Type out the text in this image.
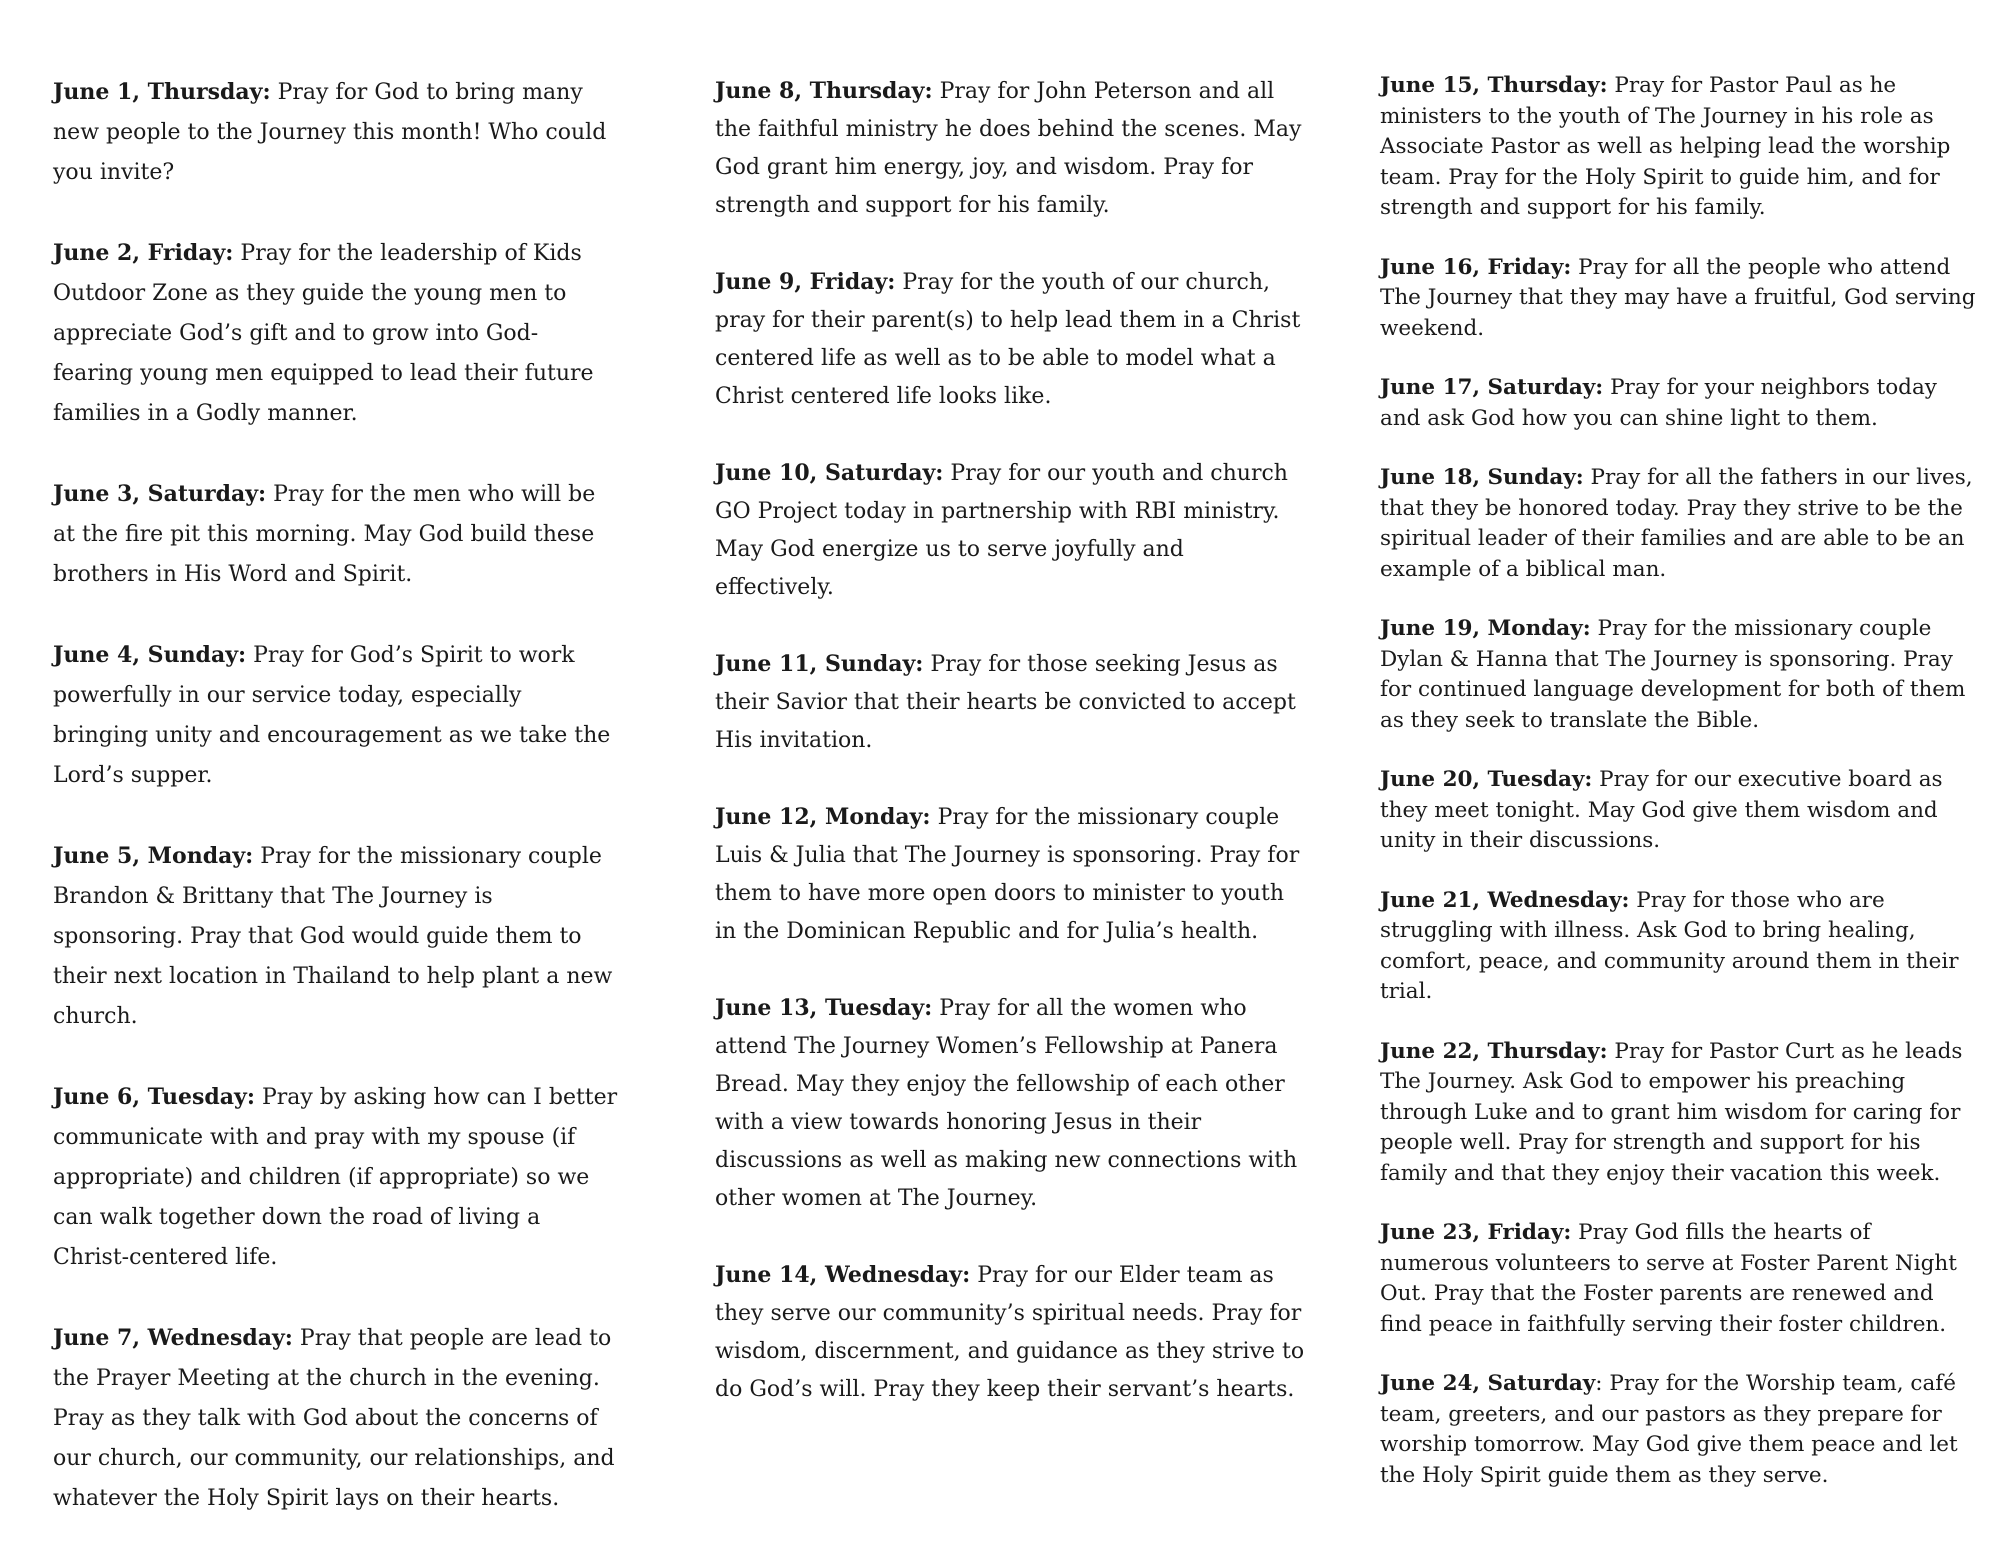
June 1, Thursday: Pray for God to bring many new people to the Journey this month! Who could you invite?

June 2, Friday: Pray for the leadership of Kids Outdoor Zone as they guide the young men to appreciate God’s gift and to grow into God-fearing young men equipped to lead their future families in a Godly manner.

June 3, Saturday: Pray for the men who will be at the fire pit this morning. May God build these brothers in His Word and Spirit.

June 4, Sunday: Pray for God’s Spirit to work powerfully in our service today, especially bringing unity and encouragement as we take the Lord’s supper.

June 5, Monday: Pray for the missionary couple Brandon & Brittany that The Journey is sponsoring. Pray that God would guide them to their next location in Thailand to help plant a new church.

June 6, Tuesday: Pray by asking how can I better communicate with and pray with my spouse (if appropriate) and children (if appropriate) so we can walk together down the road of living a Christ-centered life.

June 7, Wednesday: Pray that people are lead to the Prayer Meeting at the church in the evening. Pray as they talk with God about the concerns of our church, our community, our relationships, and whatever the Holy Spirit lays on their hearts.

June 8, Thursday: Pray for John Peterson and all the faithful ministry he does behind the scenes. May God grant him energy, joy, and wisdom. Pray for strength and support for his family.

June 9, Friday: Pray for the youth of our church, pray for their parent(s) to help lead them in a Christ centered life as well as to be able to model what a Christ centered life looks like.

June 10, Saturday: Pray for our youth and church GO Project today in partnership with RBI ministry. May God energize us to serve joyfully and effectively.

June 11, Sunday: Pray for those seeking Jesus as their Savior that their hearts be convicted to accept His invitation.

June 12, Monday: Pray for the missionary couple Luis & Julia that The Journey is sponsoring. Pray for them to have more open doors to minister to youth in the Dominican Republic and for Julia’s health.

June 13, Tuesday: Pray for all the women who attend The Journey Women’s Fellowship at Panera Bread. May they enjoy the fellowship of each other with a view towards honoring Jesus in their discussions as well as making new connections with other women at The Journey.

June 14, Wednesday: Pray for our Elder team as they serve our community’s spiritual needs. Pray for wisdom, discernment, and guidance as they strive to do God’s will. Pray they keep their servant’s hearts.

June 15, Thursday: Pray for Pastor Paul as he ministers to the youth of The Journey in his role as Associate Pastor as well as helping lead the worship team. Pray for the Holy Spirit to guide him, and for strength and support for his family.

June 16, Friday: Pray for all the people who attend The Journey that they may have a fruitful, God serving weekend.

June 17, Saturday: Pray for your neighbors today and ask God how you can shine light to them.

June 18, Sunday: Pray for all the fathers in our lives, that they be honored today. Pray they strive to be the spiritual leader of their families and are able to be an example of a biblical man.

June 19, Monday: Pray for the missionary couple Dylan & Hanna that The Journey is sponsoring. Pray for continued language development for both of them as they seek to translate the Bible.

June 20, Tuesday: Pray for our executive board as they meet tonight. May God give them wisdom and unity in their discussions.

June 21, Wednesday: Pray for those who are struggling with illness. Ask God to bring healing, comfort, peace, and community around them in their trial.

June 22, Thursday: Pray for Pastor Curt as he leads The Journey. Ask God to empower his preaching through Luke and to grant him wisdom for caring for people well. Pray for strength and support for his family and that they enjoy their vacation this week.

June 23, Friday: Pray God fills the hearts of numerous volunteers to serve at Foster Parent Night Out. Pray that the Foster parents are renewed and find peace in faithfully serving their foster children.

June 24, Saturday: Pray for the Worship team, café team, greeters, and our pastors as they prepare for worship tomorrow. May God give them peace and let the Holy Spirit guide them as they serve.
